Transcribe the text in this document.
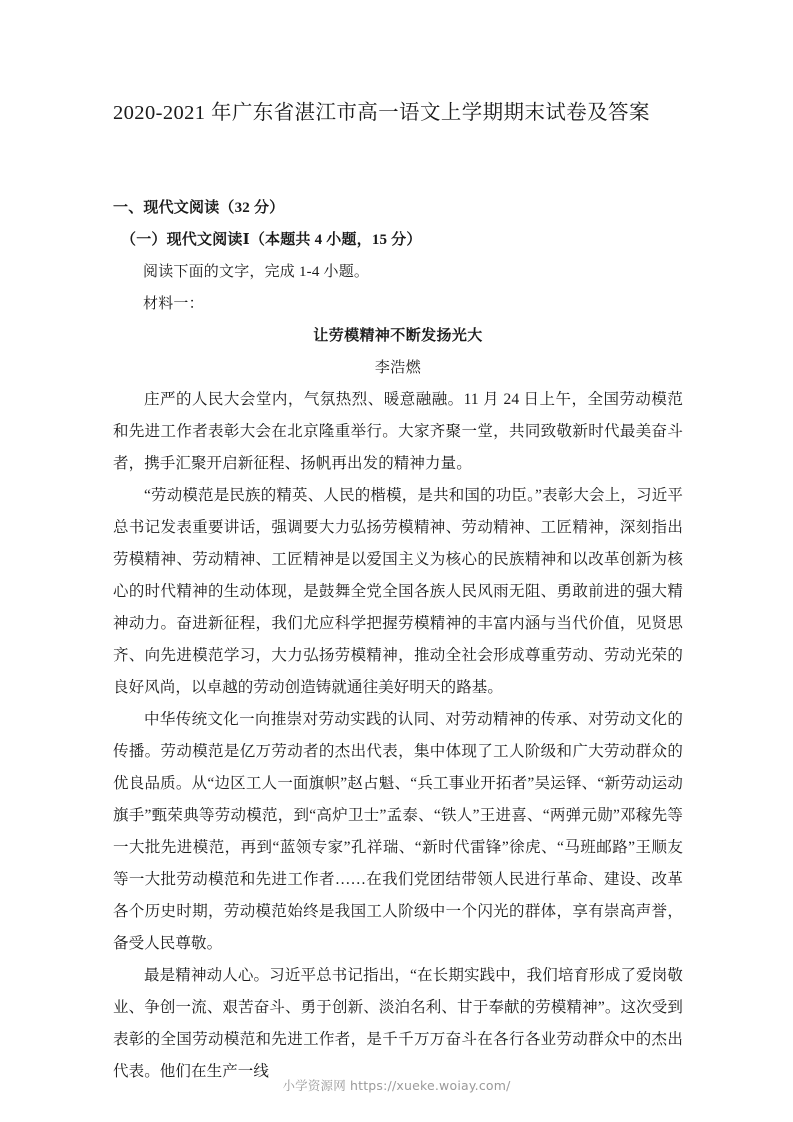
2020-2021 年广东省湛江市高一语文上学期期末试卷及答案

一、现代文阅读（32 分）

（一）现代文阅读Ⅰ（本题共 4 小题，15 分）

阅读下面的文字，完成 1-4 小题。

材料一：

让劳模精神不断发扬光大

李浩燃

庄严的人民大会堂内，气氛热烈、暖意融融。11 月 24 日上午，全国劳动模范和先进工作者表彰大会在北京隆重举行。大家齐聚一堂，共同致敬新时代最美奋斗者，携手汇聚开启新征程、扬帆再出发的精神力量。

“劳动模范是民族的精英、人民的楷模，是共和国的功臣。”表彰大会上，习近平总书记发表重要讲话，强调要大力弘扬劳模精神、劳动精神、工匠精神，深刻指出劳模精神、劳动精神、工匠精神是以爱国主义为核心的民族精神和以改革创新为核心的时代精神的生动体现，是鼓舞全党全国各族人民风雨无阻、勇敢前进的强大精神动力。奋进新征程，我们尤应科学把握劳模精神的丰富内涵与当代价值，见贤思齐、向先进模范学习，大力弘扬劳模精神，推动全社会形成尊重劳动、劳动光荣的良好风尚，以卓越的劳动创造铸就通往美好明天的路基。

中华传统文化一向推崇对劳动实践的认同、对劳动精神的传承、对劳动文化的传播。劳动模范是亿万劳动者的杰出代表，集中体现了工人阶级和广大劳动群众的优良品质。从“边区工人一面旗帜”赵占魁、“兵工事业开拓者”吴运铎、“新劳动运动旗手”甄荣典等劳动模范，到“高炉卫士”孟泰、“铁人”王进喜、“两弹元勋”邓稼先等一大批先进模范，再到“蓝领专家”孔祥瑞、“新时代雷锋”徐虎、“马班邮路”王顺友等一大批劳动模范和先进工作者……在我们党团结带领人民进行革命、建设、改革各个历史时期，劳动模范始终是我国工人阶级中一个闪光的群体，享有崇高声誉，备受人民尊敬。

最是精神动人心。习近平总书记指出，“在长期实践中，我们培育形成了爱岗敬业、争创一流、艰苦奋斗、勇于创新、淡泊名利、甘于奉献的劳模精神”。这次受到表彰的全国劳动模范和先进工作者，是千千万万奋斗在各行各业劳动群众中的杰出代表。他们在生产一线

小学资源网 https://xueke.woiay.com/
